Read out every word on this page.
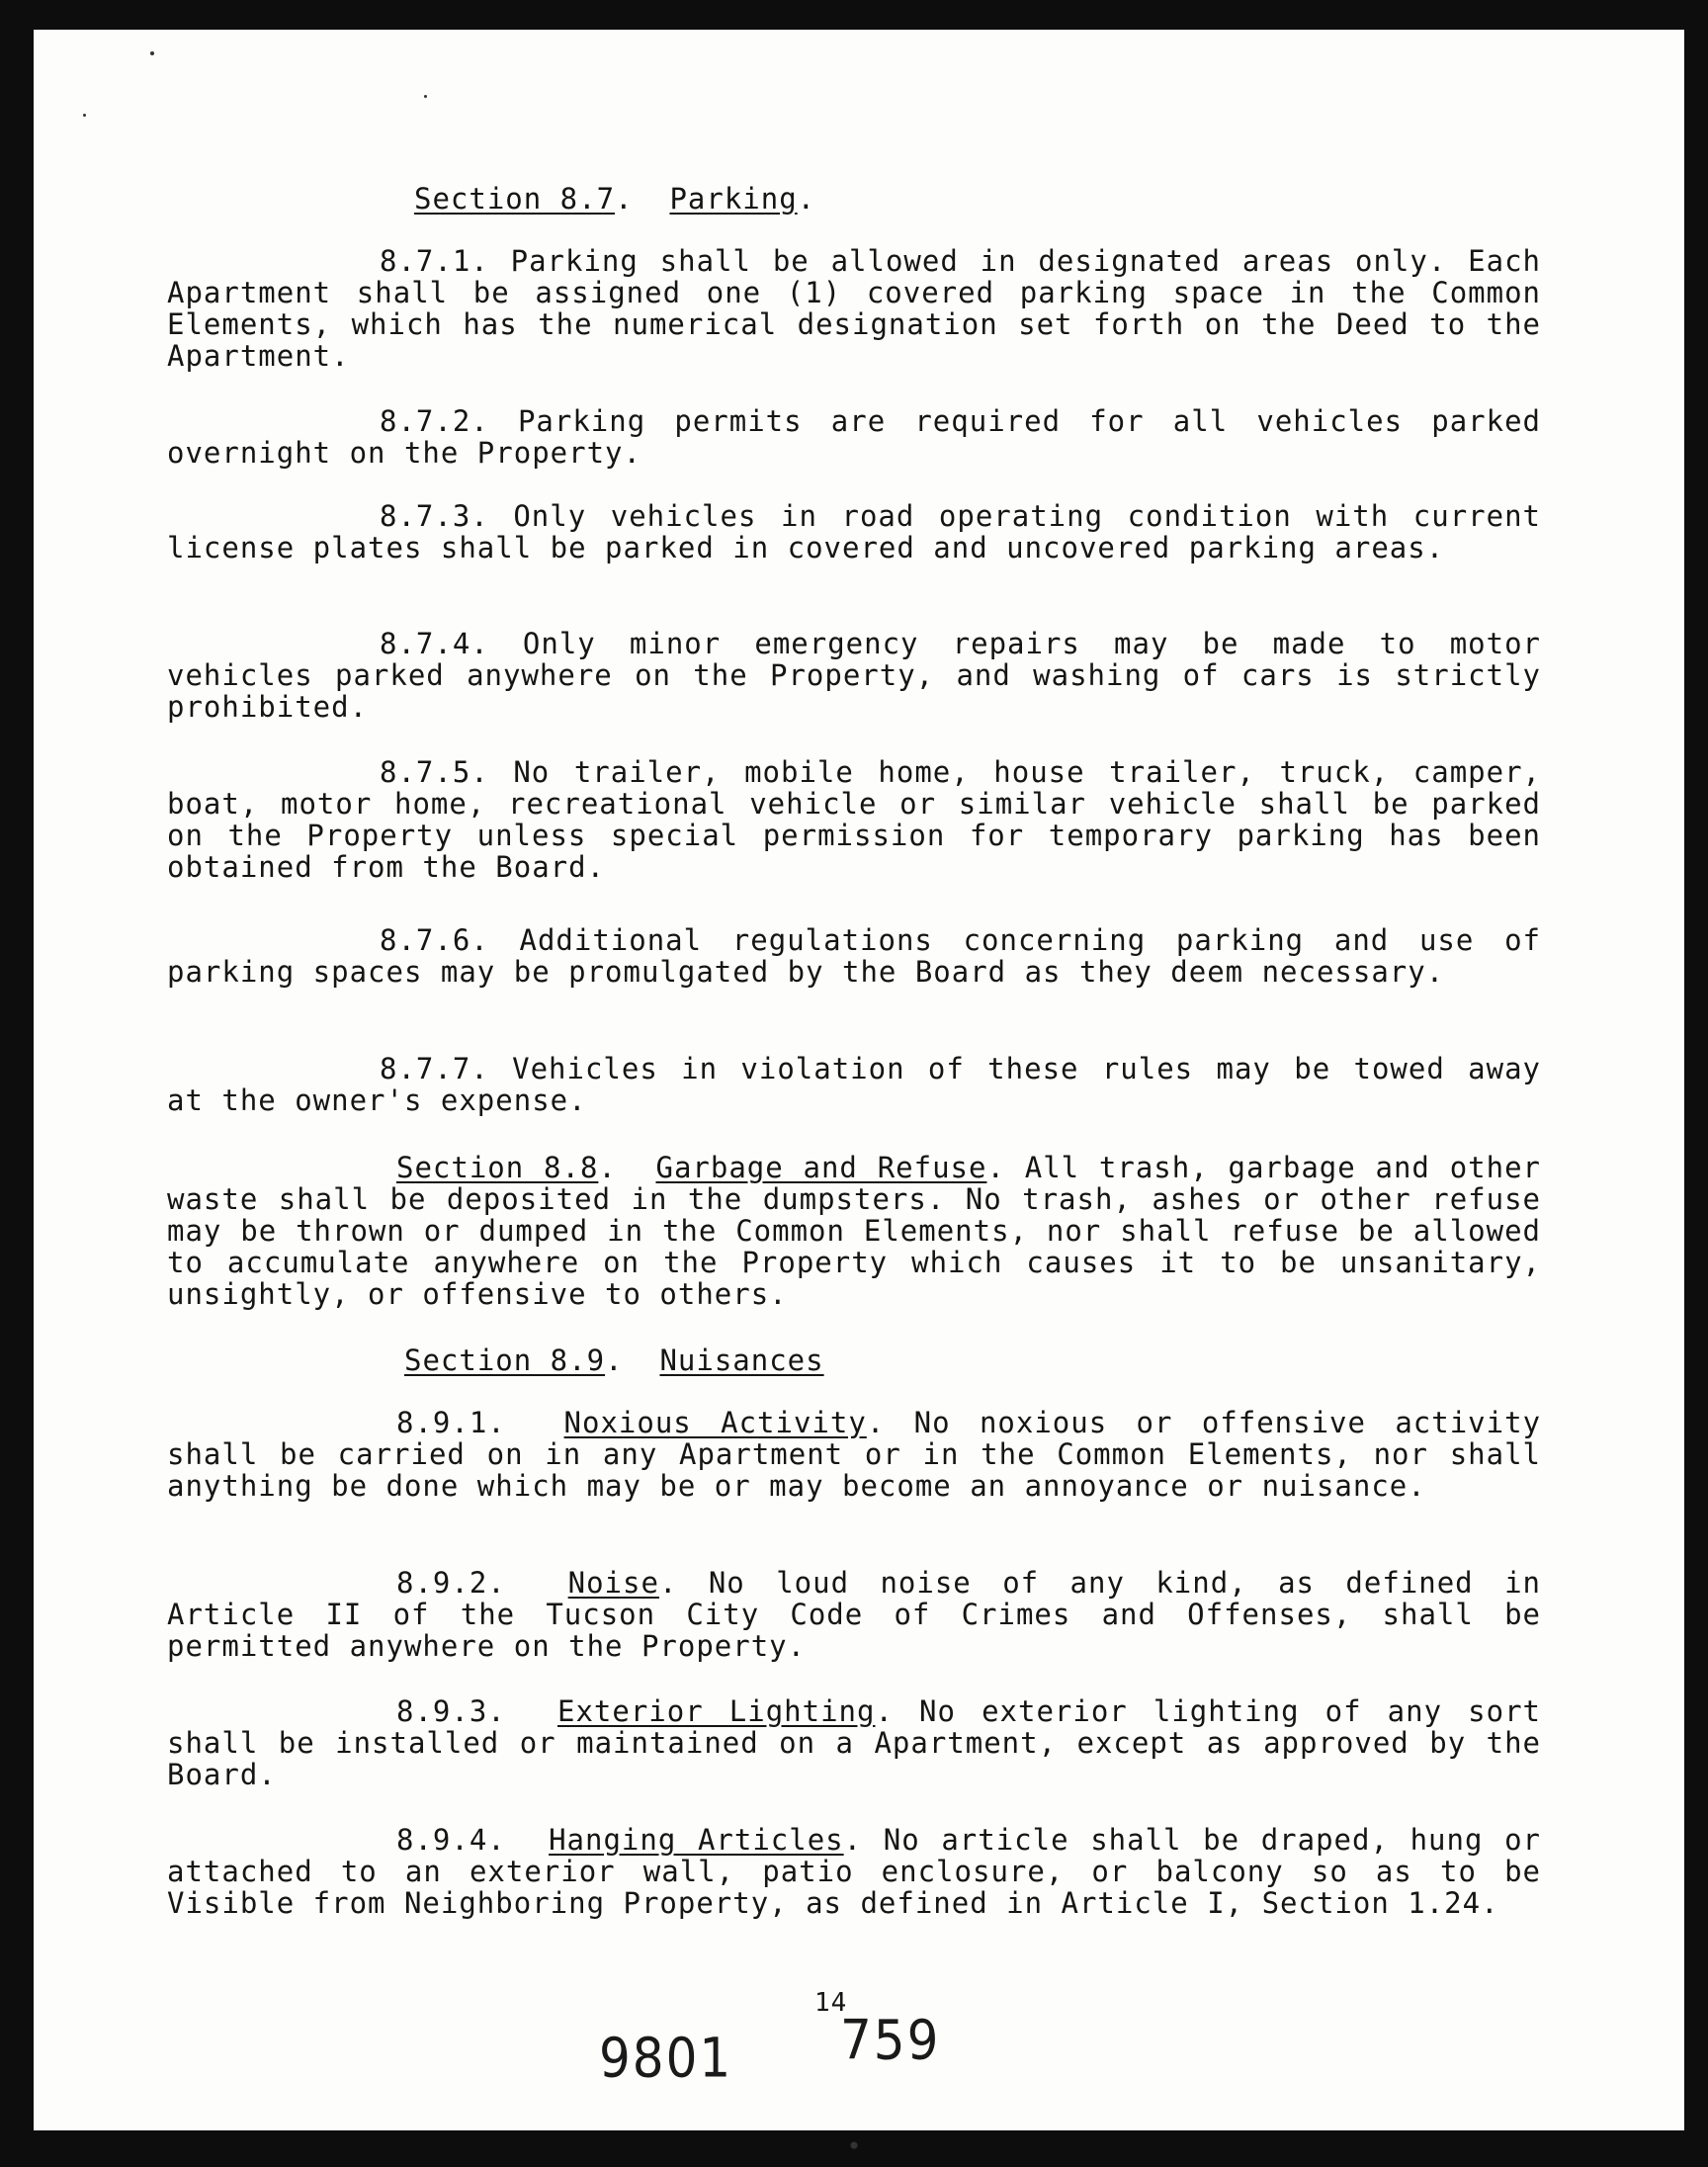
Section 8.7.  Parking.
8.7.1. Parking shall be allowed in designated areas only. Each Apartment shall be assigned one (1) covered parking space in the Common Elements, which has the numerical designation set forth on the Deed to the Apartment.
8.7.2. Parking permits are required for all vehicles parked overnight on the Property.
8.7.3. Only vehicles in road operating condition with current license plates shall be parked in covered and uncovered parking areas.
8.7.4. Only minor emergency repairs may be made to motor vehicles parked anywhere on the Property, and washing of cars is strictly prohibited.
8.7.5. No trailer, mobile home, house trailer, truck, camper, boat, motor home, recreational vehicle or similar vehicle shall be parked on the Property unless special permission for temporary parking has been obtained from the Board.
8.7.6. Additional regulations concerning parking and use of parking spaces may be promulgated by the Board as they deem necessary.
8.7.7. Vehicles in violation of these rules may be towed away at the owner's expense.
Section 8.8.  Garbage and Refuse. All trash, garbage and other waste shall be deposited in the dumpsters. No trash, ashes or other refuse may be thrown or dumped in the Common Elements, nor shall refuse be allowed to accumulate anywhere on the Property which causes it to be unsanitary, unsightly, or offensive to others.
Section 8.9.  Nuisances
8.9.1. Noxious Activity. No noxious or offensive activity shall be carried on in any Apartment or in the Common Elements, nor shall anything be done which may be or may become an annoyance or nuisance.
8.9.2. Noise. No loud noise of any kind, as defined in Article II of the Tucson City Code of Crimes and Offenses, shall be permitted anywhere on the Property.
8.9.3. Exterior Lighting. No exterior lighting of any sort shall be installed or maintained on a Apartment, except as approved by the Board.
8.9.4. Hanging Articles. No article shall be draped, hung or attached to an exterior wall, patio enclosure, or balcony so as to be Visible from Neighboring Property, as defined in Article I, Section 1.24.
14
9801 759
